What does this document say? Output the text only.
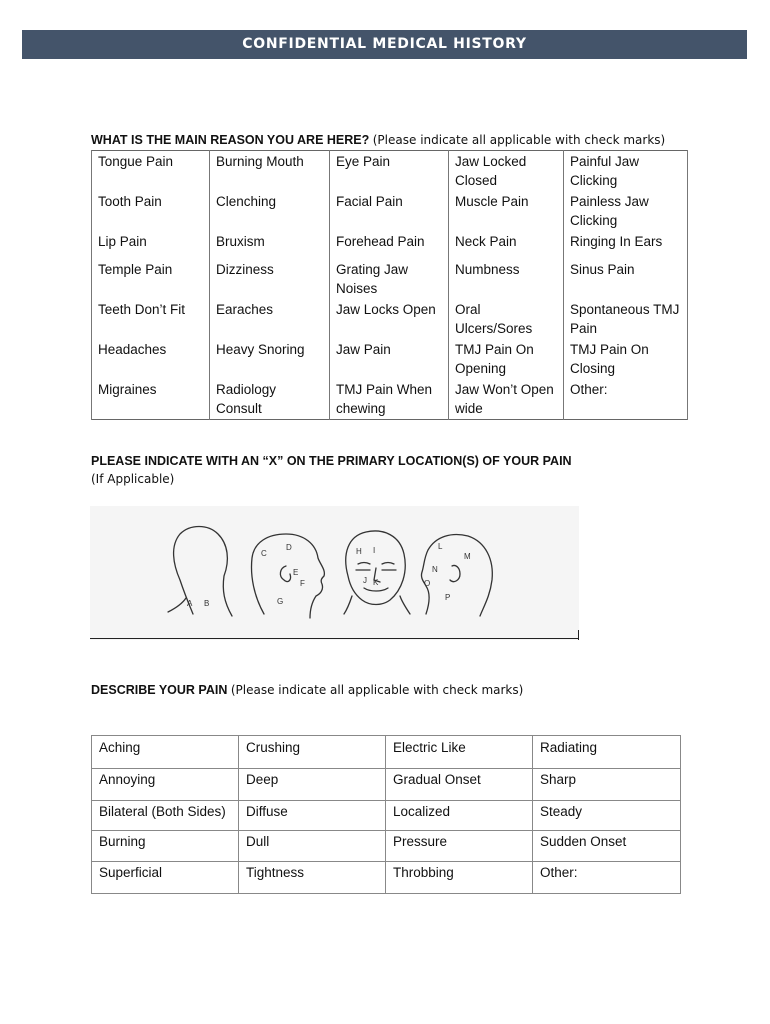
CONFIDENTIAL MEDICAL HISTORY
WHAT IS THE MAIN REASON YOU ARE HERE? (Please indicate all applicable with check marks)
Tongue Pain	Burning Mouth	Eye Pain	Jaw Locked Closed	Painful Jaw Clicking
Tooth Pain	Clenching	Facial Pain	Muscle Pain	Painless Jaw Clicking
Lip Pain	Bruxism	Forehead Pain	Neck Pain	Ringing In Ears
Temple Pain	Dizziness	Grating Jaw Noises	Numbness	Sinus Pain
Teeth Don’t Fit	Earaches	Jaw Locks Open	Oral Ulcers/Sores	Spontaneous TMJ Pain
Headaches	Heavy Snoring	Jaw Pain	TMJ Pain On Opening	TMJ Pain On Closing
Migraines	Radiology Consult	TMJ Pain When chewing	Jaw Won’t Open wide	Other:
PLEASE INDICATE WITH AN “X” ON THE PRIMARY LOCATION(S) OF YOUR PAIN
(If Applicable)
A B
C
D
E
F
G
H I
J K
L
M
N
O
P
DESCRIBE YOUR PAIN (Please indicate all applicable with check marks)
Aching	Crushing	Electric Like	Radiating
Annoying	Deep	Gradual Onset	Sharp
Bilateral (Both Sides)	Diffuse	Localized	Steady
Burning	Dull	Pressure	Sudden Onset
Superficial	Tightness	Throbbing	Other:
